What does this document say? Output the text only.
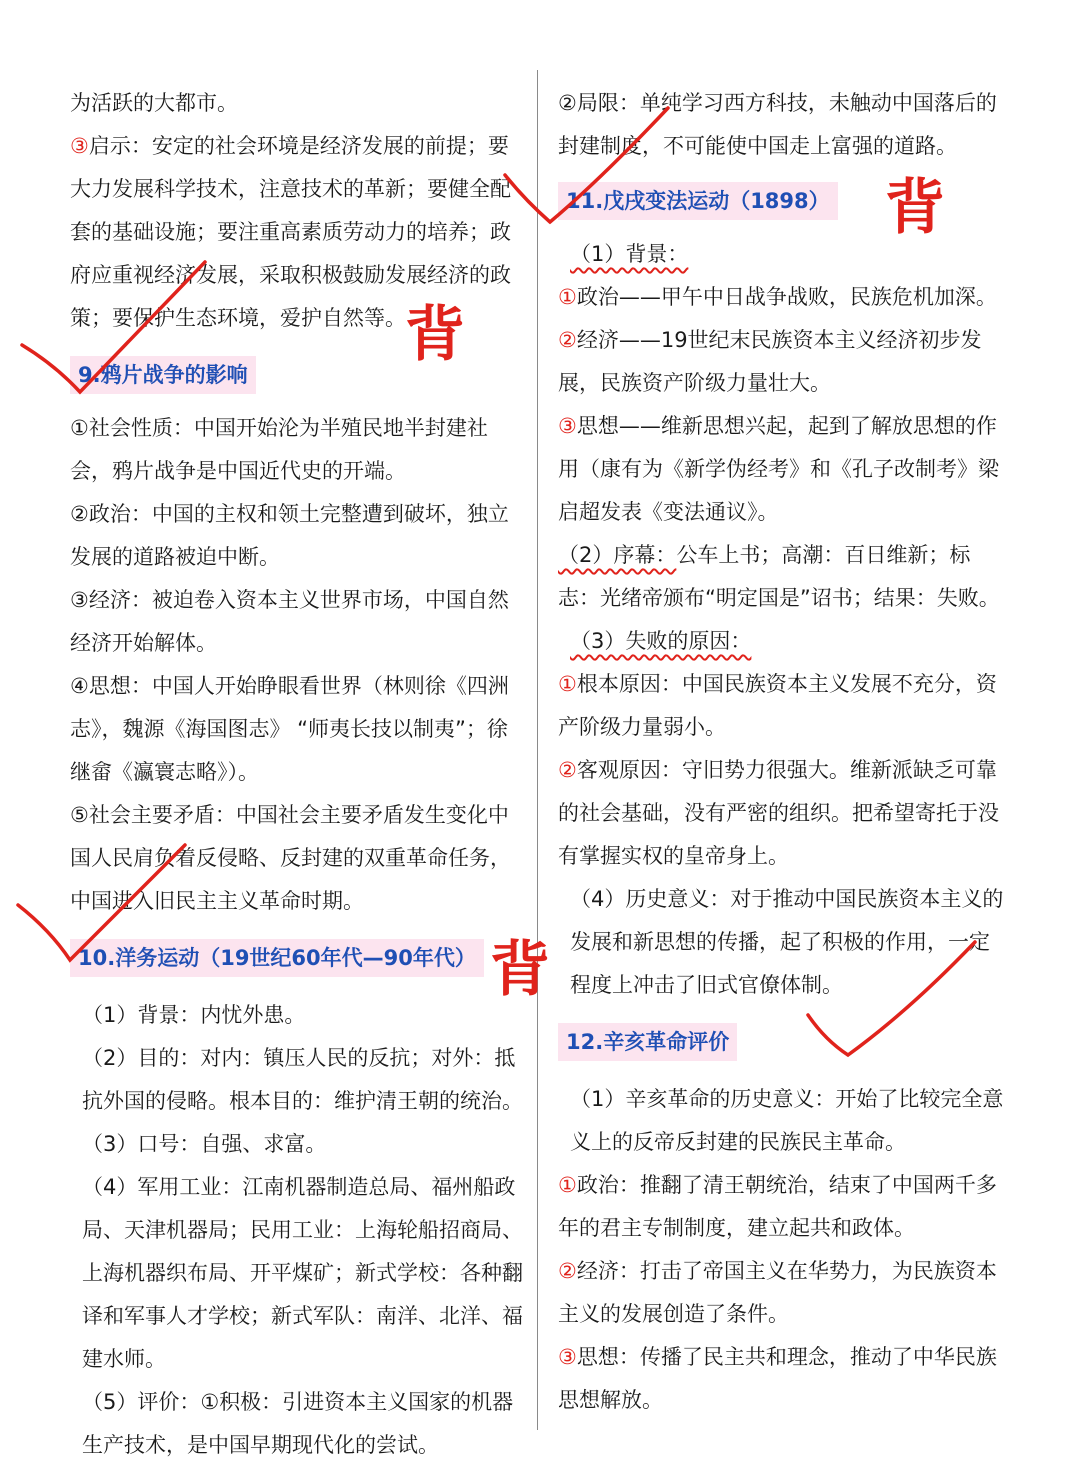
为活跃的大都市。

③启示：安定的社会环境是经济发展的前提；要大力发展科学技术，注意技术的革新；要健全配套的基础设施；要注重高素质劳动力的培养；政府应重视经济发展，采取积极鼓励发展经济的政策；要保护生态环境，爱护自然等。

9.鸦片战争的影响

①社会性质：中国开始沦为半殖民地半封建社会，鸦片战争是中国近代史的开端。

②政治：中国的主权和领土完整遭到破坏，独立发展的道路被迫中断。

③经济：被迫卷入资本主义世界市场，中国自然经济开始解体。

④思想：中国人开始睁眼看世界（林则徐《四洲志》，魏源《海国图志》 “师夷长技以制夷”；徐继畲《瀛寰志略》）。

⑤社会主要矛盾：中国社会主要矛盾发生变化中国人民肩负着反侵略、反封建的双重革命任务，中国进入旧民主主义革命时期。

10.洋务运动（19世纪60年代—90年代）

（1）背景：内忧外患。

（2）目的：对内：镇压人民的反抗；对外：抵抗外国的侵略。根本目的：维护清王朝的统治。

（3）口号：自强、求富。

（4）军用工业：江南机器制造总局、福州船政局、天津机器局；民用工业：上海轮船招商局、上海机器织布局、开平煤矿；新式学校：各种翻译和军事人才学校；新式军队：南洋、北洋、福建水师。

（5）评价：①积极：引进资本主义国家的机器生产技术，是中国早期现代化的尝试。

②局限：单纯学习西方科技，未触动中国落后的封建制度，不可能使中国走上富强的道路。

11.戊戌变法运动（1898）

（1）背景：

①政治——甲午中日战争战败，民族危机加深。

②经济——19世纪末民族资本主义经济初步发展，民族资产阶级力量壮大。

③思想——维新思想兴起，起到了解放思想的作用（康有为《新学伪经考》和《孔子改制考》梁启超发表《变法通议》。

（2）序幕：公车上书；高潮：百日维新；标志：光绪帝颁布“明定国是”诏书；结果：失败。

（3）失败的原因：

①根本原因：中国民族资本主义发展不充分，资产阶级力量弱小。

②客观原因：守旧势力很强大。维新派缺乏可靠的社会基础，没有严密的组织。把希望寄托于没有掌握实权的皇帝身上。

（4）历史意义：对于推动中国民族资本主义的发展和新思想的传播，起了积极的作用，一定程度上冲击了旧式官僚体制。

12.辛亥革命评价

（1）辛亥革命的历史意义：开始了比较完全意义上的反帝反封建的民族民主革命。

①政治：推翻了清王朝统治，结束了中国两千多年的君主专制制度，建立起共和政体。

②经济：打击了帝国主义在华势力，为民族资本主义的发展创造了条件。

③思想：传播了民主共和理念，推动了中华民族思想解放。

背
背
背
